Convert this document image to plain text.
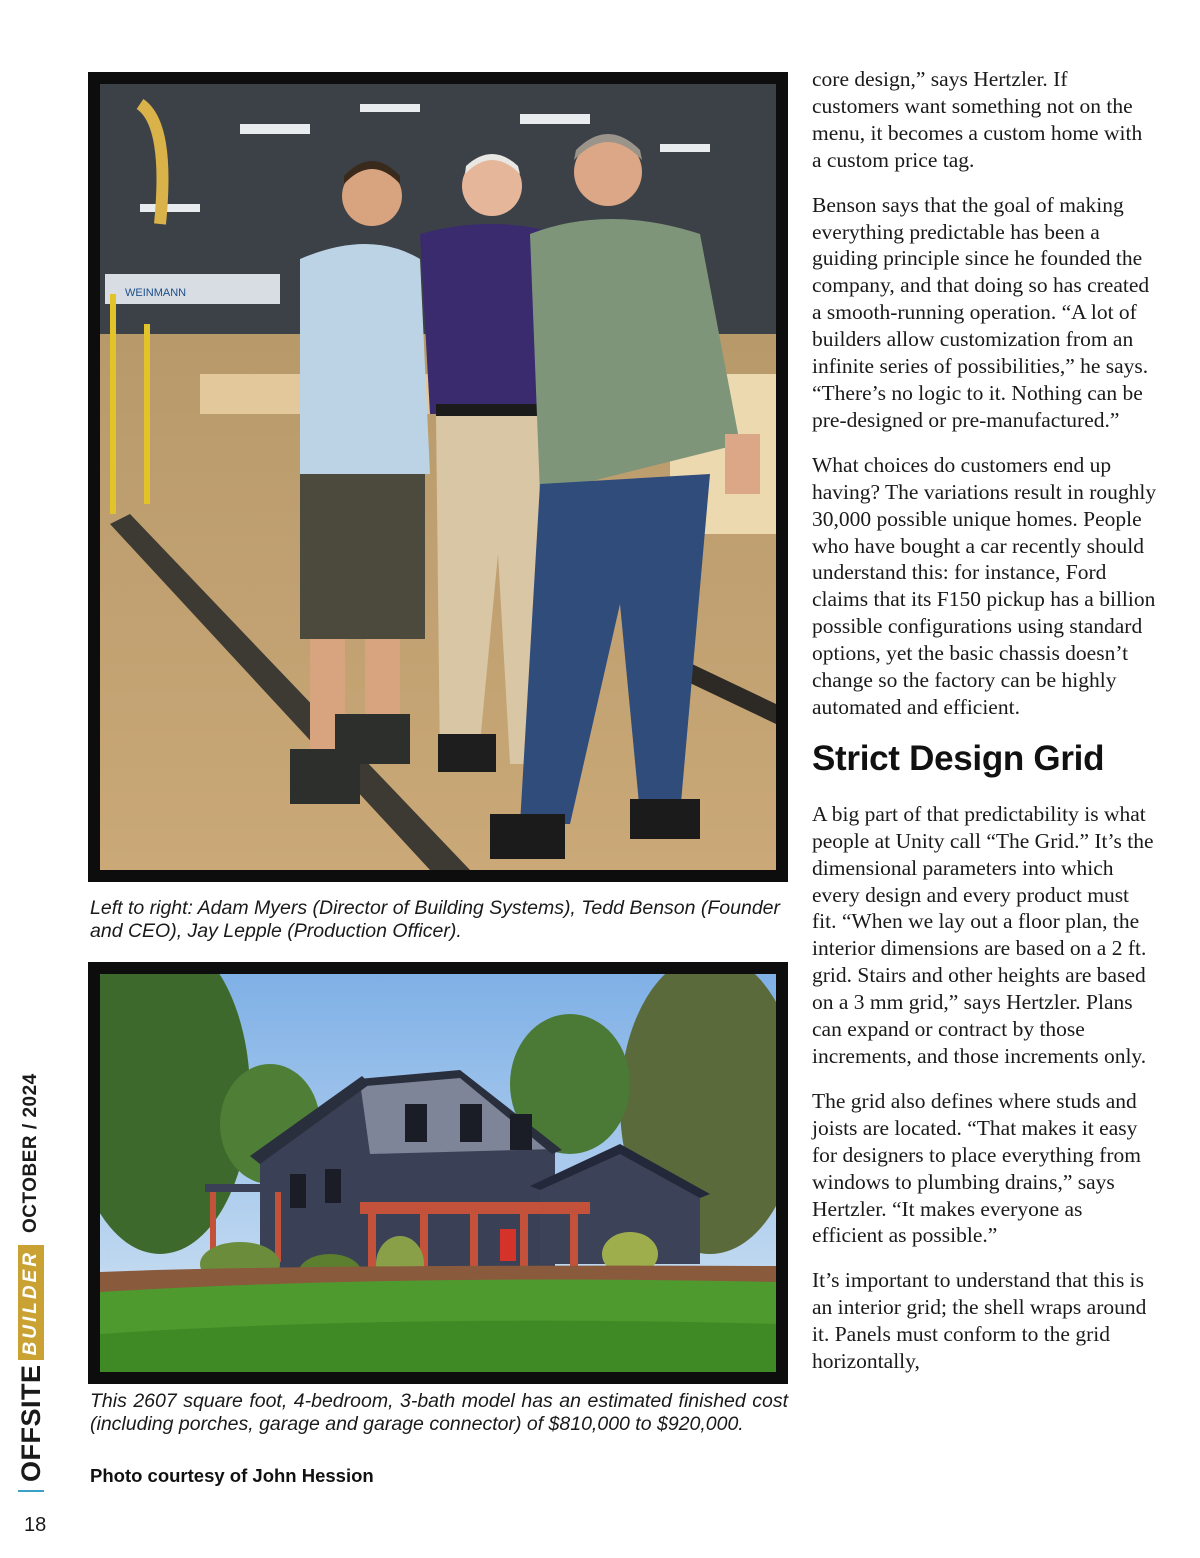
WEINMANN
Left to right: Adam Myers (Director of Building Systems), Tedd Benson (Founder and CEO), Jay Lepple (Production Officer).
This 2607 square foot, 4-bedroom, 3-bath model has an estimated finished cost (including porches, garage and garage connector) of $810,000 to $920,000.
Photo courtesy of John Hession

core design,” says Hertzler. If customers want something not on the menu, it becomes a custom home with a custom price tag.

Benson says that the goal of making everything predictable has been a guiding principle since he founded the company, and that doing so has created a smooth-running operation. “A lot of builders allow customization from an infinite series of possibilities,” he says. “There’s no logic to it. Nothing can be pre-designed or pre-manufactured.”

What choices do customers end up having? The variations result in roughly 30,000 possible unique homes. People who have bought a car recently should understand this: for instance, Ford claims that its F150 pickup has a billion possible configurations using standard options, yet the basic chassis doesn’t change so the factory can be highly automated and efficient.

Strict Design Grid

A big part of that predictability is what people at Unity call “The Grid.” It’s the dimensional parameters into which every design and every product must fit. “When we lay out a floor plan, the interior dimensions are based on a 2 ft. grid. Stairs and other heights are based on a 3 mm grid,” says Hertzler. Plans can expand or contract by those increments, and those increments only.

The grid also defines where studs and joists are located. “That makes it easy for designers to place everything from windows to plumbing drains,” says Hertzler. “It makes everyone as efficient as possible.”

It’s important to understand that this is an interior grid; the shell wraps around it. Panels must conform to the grid horizontally,

OFFSITE
BUILDER
OCTOBER / 2024
18
